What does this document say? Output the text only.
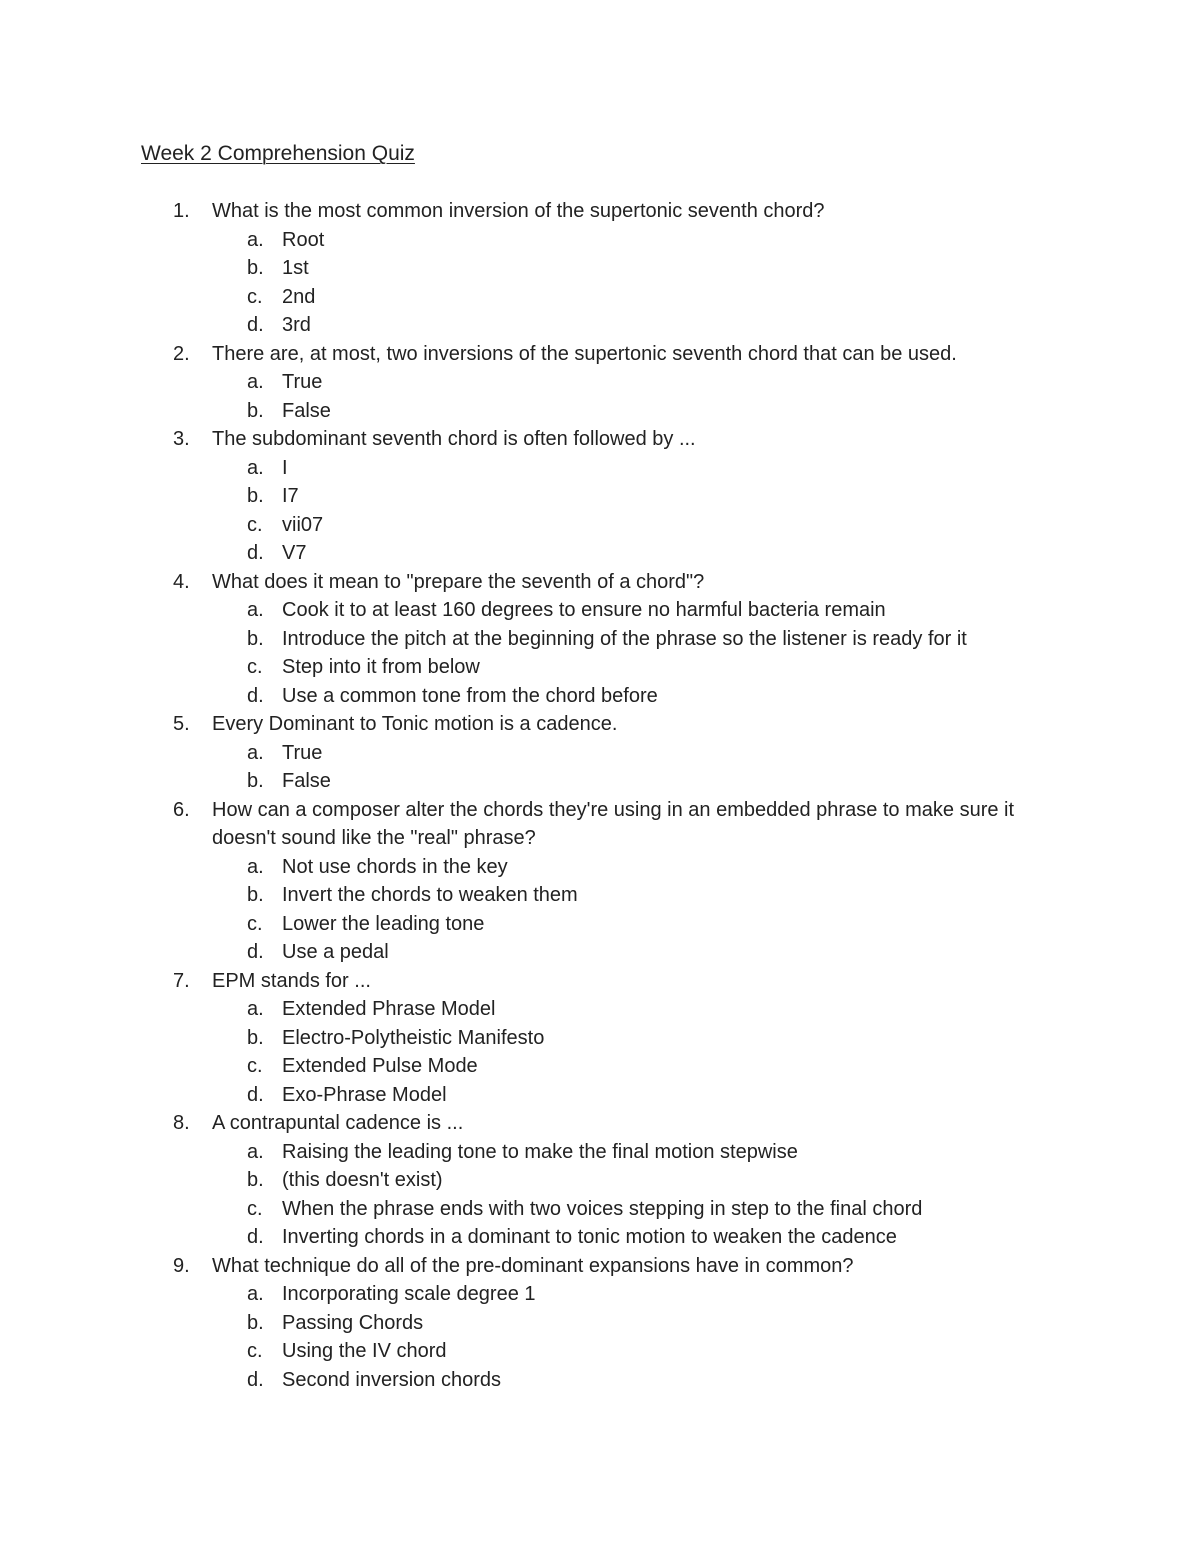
Week 2 Comprehension Quiz
1.	What is the most common inversion of the supertonic seventh chord?
a. Root
b. 1st
c. 2nd
d. 3rd
2.	There are, at most, two inversions of the supertonic seventh chord that can be used.
a. True
b. False
3.	The subdominant seventh chord is often followed by ...
a. I
b. I7
c. vii07
d. V7
4.	What does it mean to "prepare the seventh of a chord"?
a. Cook it to at least 160 degrees to ensure no harmful bacteria remain
b. Introduce the pitch at the beginning of the phrase so the listener is ready for it
c. Step into it from below
d. Use a common tone from the chord before
5.	Every Dominant to Tonic motion is a cadence.
a. True
b. False
6.	How can a composer alter the chords they're using in an embedded phrase to make sure it doesn't sound like the "real" phrase?
a. Not use chords in the key
b. Invert the chords to weaken them
c. Lower the leading tone
d. Use a pedal
7.	EPM stands for ...
a. Extended Phrase Model
b. Electro-Polytheistic Manifesto
c. Extended Pulse Mode
d. Exo-Phrase Model
8.	A contrapuntal cadence is ...
a. Raising the leading tone to make the final motion stepwise
b. (this doesn't exist)
c. When the phrase ends with two voices stepping in step to the final chord
d. Inverting chords in a dominant to tonic motion to weaken the cadence
9.	What technique do all of the pre-dominant expansions have in common?
a. Incorporating scale degree 1
b. Passing Chords
c. Using the IV chord
d. Second inversion chords
